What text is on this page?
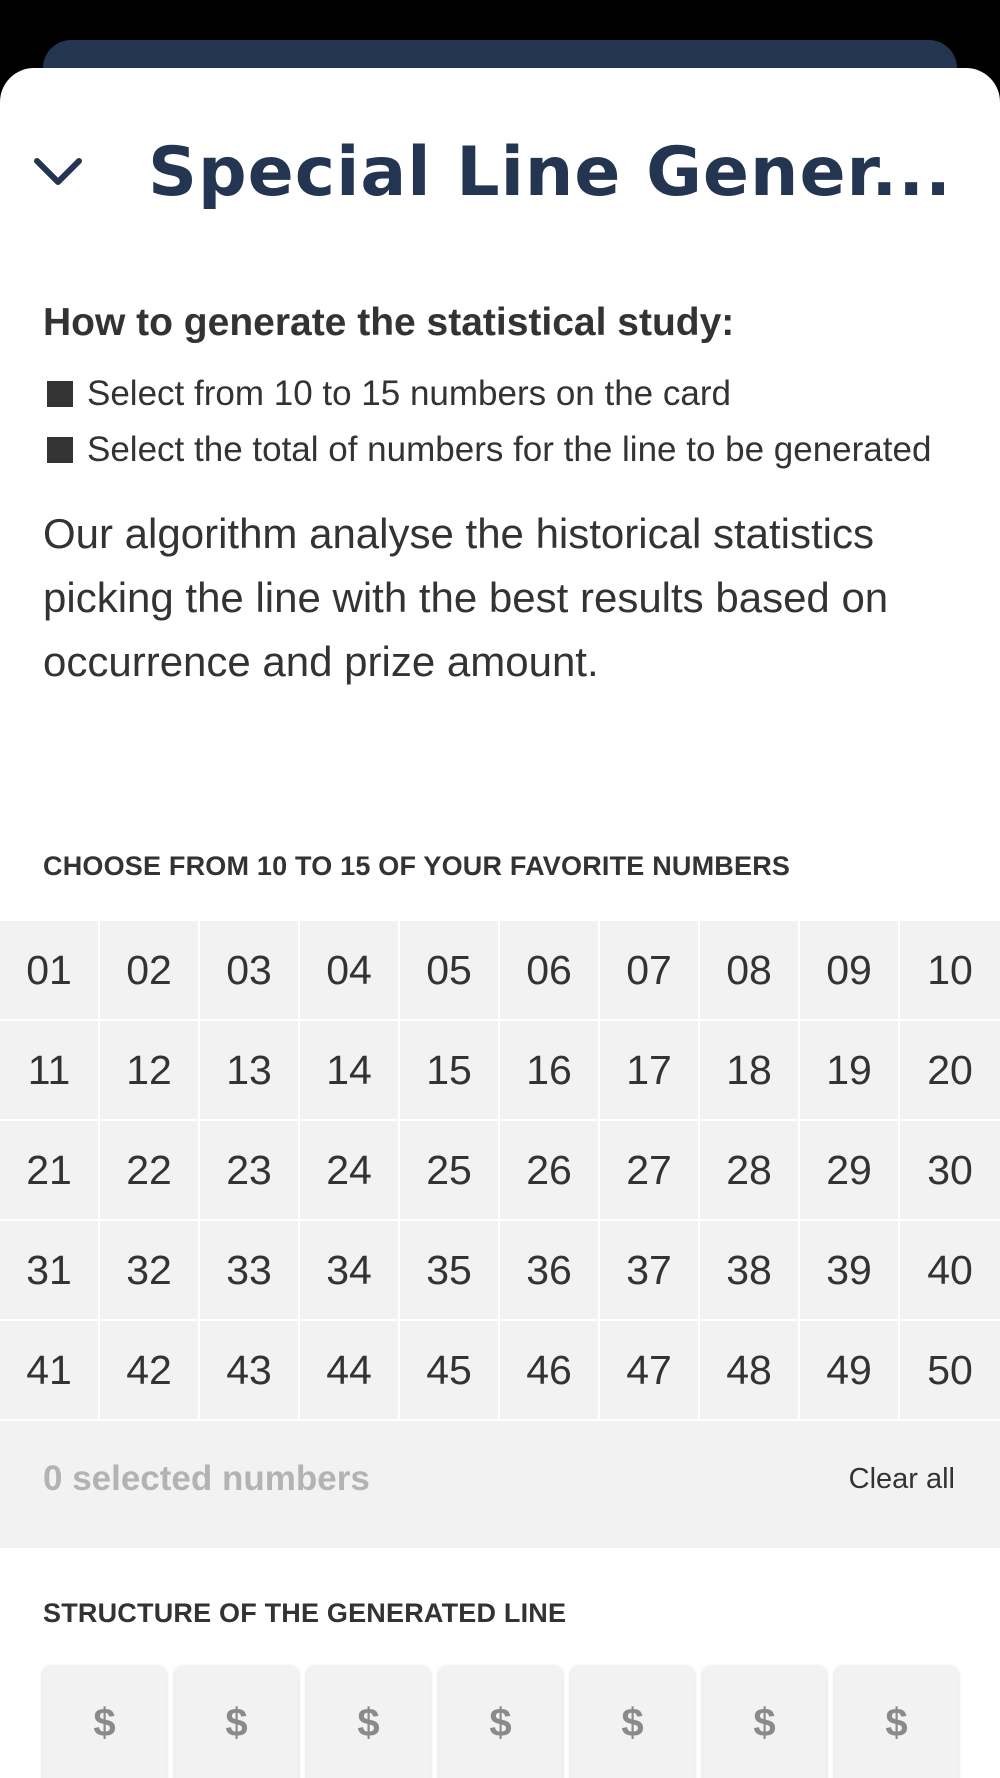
Special Line Gener...
How to generate the statistical study:
Select from 10 to 15 numbers on the card
Select the total of numbers for the line to be generated
Our algorithm analyse the historical statistics picking the line with the best results based on occurrence and prize amount.
CHOOSE FROM 10 TO 15 OF YOUR FAVORITE NUMBERS
01	02	03	04	05	06	07	08	09	10
11	12	13	14	15	16	17	18	19	20
21	22	23	24	25	26	27	28	29	30
31	32	33	34	35	36	37	38	39	40
41	42	43	44	45	46	47	48	49	50
0 selected numbers	Clear all
STRUCTURE OF THE GENERATED LINE
$	$	$	$	$	$	$
